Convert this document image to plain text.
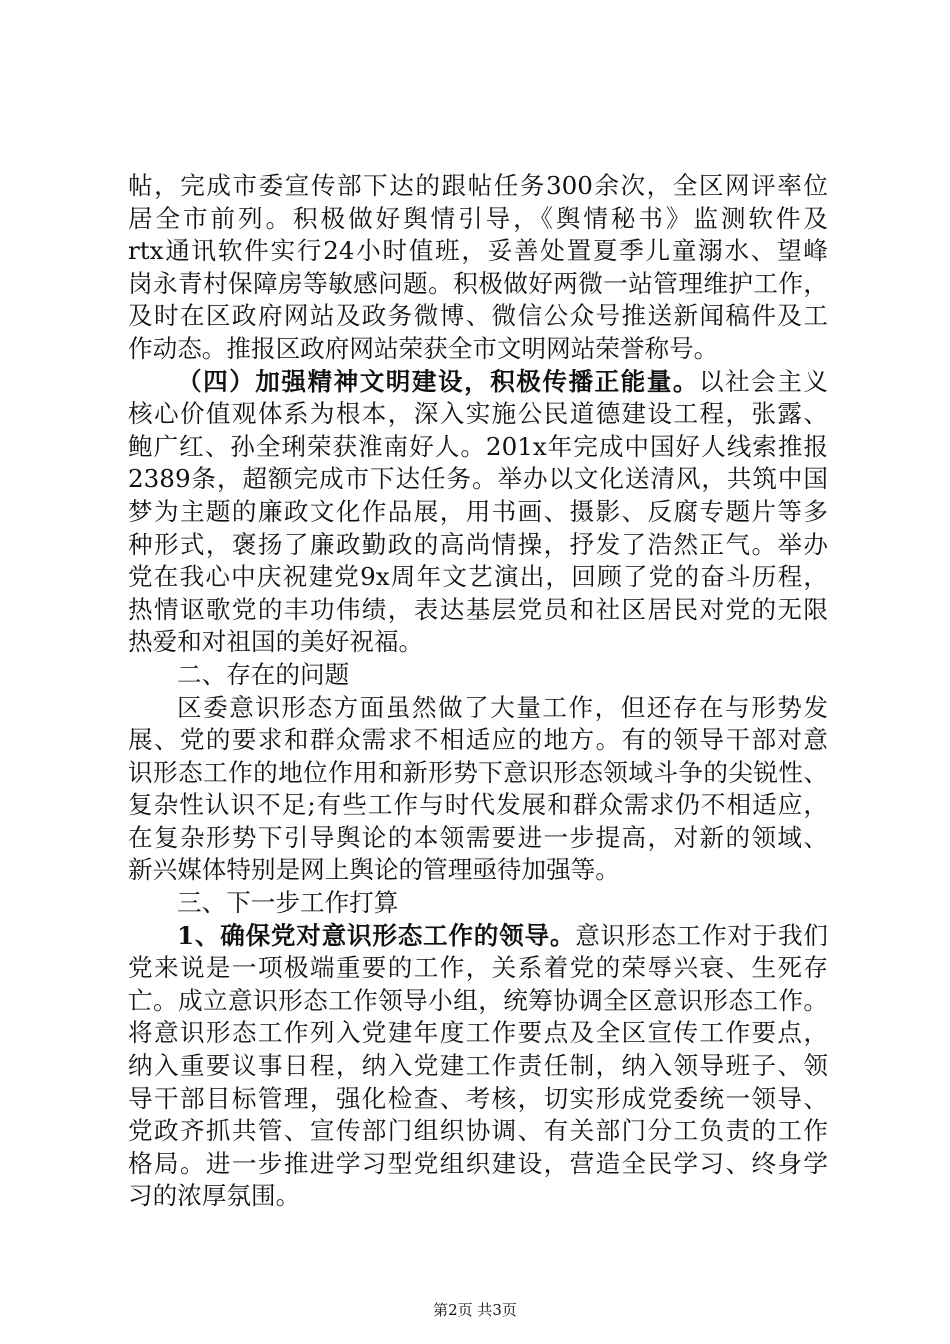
帖，完成市委宣传部下达的跟帖任务300余次，全区网评率位
居全市前列。积极做好舆情引导，《舆情秘书》监测软件及
rtx通讯软件实行24小时值班，妥善处置夏季儿童溺水、望峰
岗永青村保障房等敏感问题。积极做好两微一站管理维护工作，
及时在区政府网站及政务微博、微信公众号推送新闻稿件及工
作动态。推报区政府网站荣获全市文明网站荣誉称号。
（四）加强精神文明建设，积极传播正能量。以社会主义
核心价值观体系为根本，深入实施公民道德建设工程，张露、
鲍广红、孙全琍荣获淮南好人。201x年完成中国好人线索推报
2389条，超额完成市下达任务。举办以文化送清风，共筑中国
梦为主题的廉政文化作品展，用书画、摄影、反腐专题片等多
种形式，褒扬了廉政勤政的高尚情操，抒发了浩然正气。举办
党在我心中庆祝建党9x周年文艺演出，回顾了党的奋斗历程，
热情讴歌党的丰功伟绩，表达基层党员和社区居民对党的无限
热爱和对祖国的美好祝福。
二、存在的问题
区委意识形态方面虽然做了大量工作，但还存在与形势发
展、党的要求和群众需求不相适应的地方。有的领导干部对意
识形态工作的地位作用和新形势下意识形态领域斗争的尖锐性、
复杂性认识不足;有些工作与时代发展和群众需求仍不相适应，
在复杂形势下引导舆论的本领需要进一步提高，对新的领域、
新兴媒体特别是网上舆论的管理亟待加强等。
三、下一步工作打算
1、确保党对意识形态工作的领导。意识形态工作对于我们
党来说是一项极端重要的工作，关系着党的荣辱兴衰、生死存
亡。成立意识形态工作领导小组，统筹协调全区意识形态工作。
将意识形态工作列入党建年度工作要点及全区宣传工作要点，
纳入重要议事日程，纳入党建工作责任制，纳入领导班子、领
导干部目标管理，强化检查、考核，切实形成党委统一领导、
党政齐抓共管、宣传部门组织协调、有关部门分工负责的工作
格局。进一步推进学习型党组织建设，营造全民学习、终身学
习的浓厚氛围。
第2页 共3页
